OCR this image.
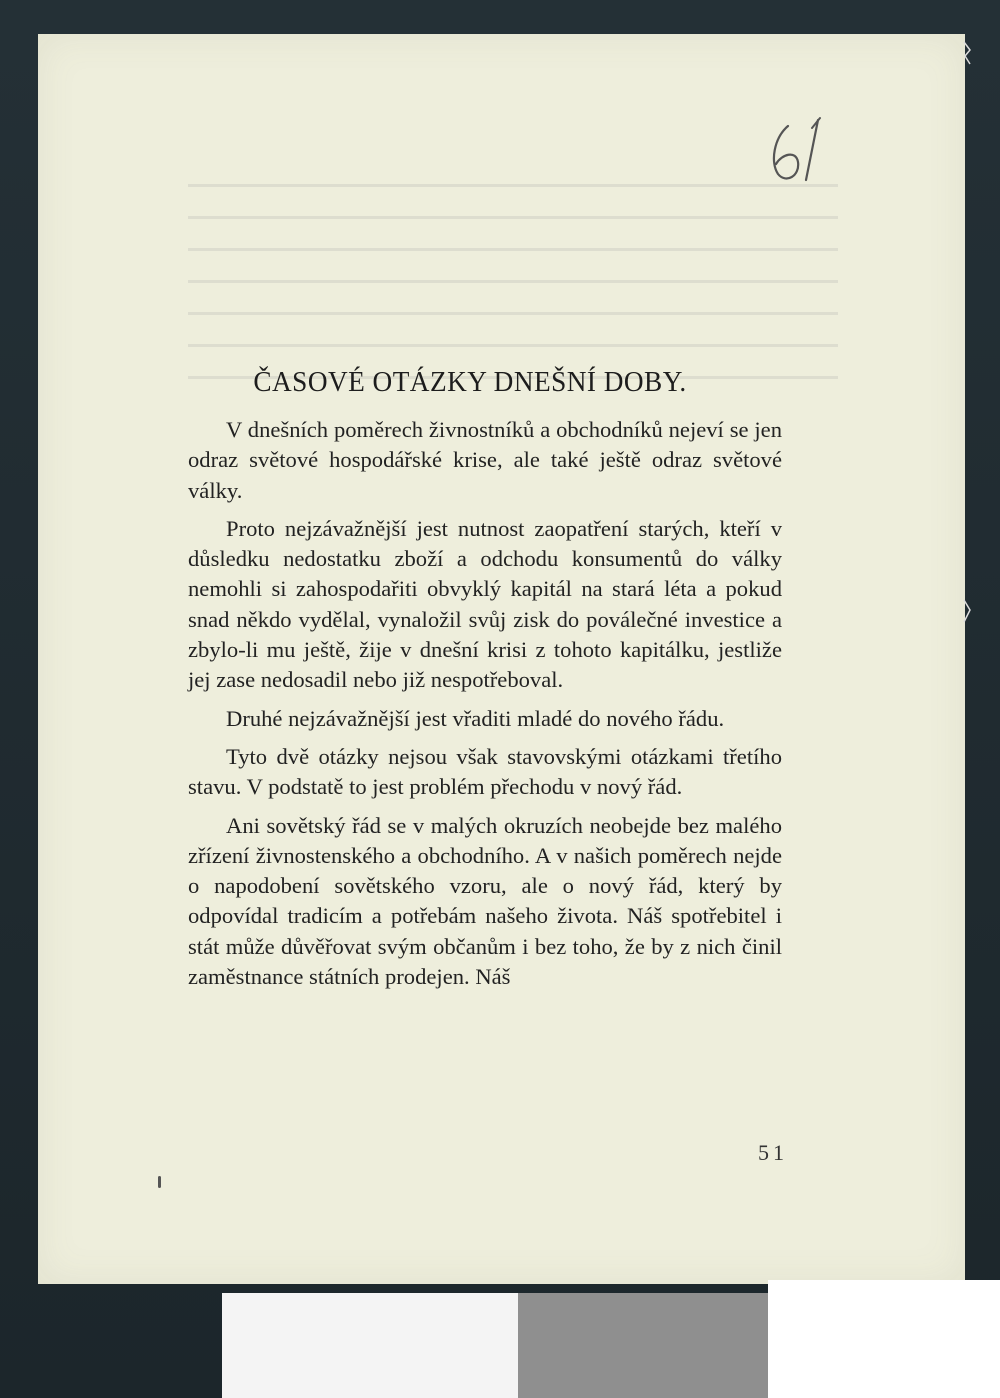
ČASOVÉ OTÁZKY DNEŠNÍ DOBY.

V dnešních poměrech živnostníků a obchodníků nejeví se jen odraz světové hospodářské krise, ale také ještě odraz světové války.

Proto nejzávažnější jest nutnost zaopatření starých, kteří v důsledku nedostatku zboží a odchodu konsumentů do války nemohli si zahospodařiti obvyklý kapitál na stará léta a pokud snad někdo vydělal, vynaložil svůj zisk do poválečné investice a zbylo-li mu ještě, žije v dnešní krisi z tohoto kapitálku, jestliže jej zase nedosadil nebo již nespotřeboval.

Druhé nejzávažnější jest vřaditi mladé do nového řádu.

Tyto dvě otázky nejsou však stavovskými otázkami třetího stavu. V podstatě to jest problém přechodu v nový řád.

Ani sovětský řád se v malých okruzích neobejde bez malého zřízení živnostenského a obchodního. A v našich poměrech nejde o napodobení sovětského vzoru, ale o nový řád, který by odpovídal tradicím a potřebám našeho života. Náš spotřebitel i stát může důvěřovat svým občanům i bez toho, že by z nich činil zaměstnance státních prodejen. Náš

51
